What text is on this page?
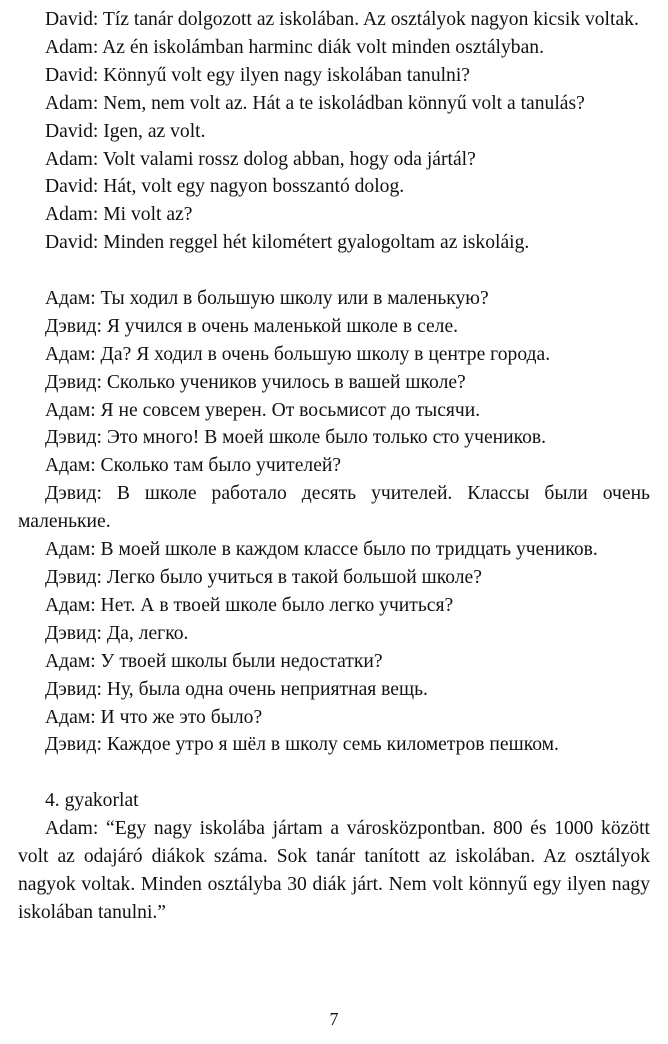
David: Tíz tanár dolgozott az iskolában. Az osztályok nagyon kicsik voltak.

Adam: Az én iskolámban harminc diák volt minden osztályban.

David: Könnyű volt egy ilyen nagy iskolában tanulni?

Adam: Nem, nem volt az. Hát a te iskoládban könnyű volt a tanulás?

David: Igen, az volt.

Adam: Volt valami rossz dolog abban, hogy oda jártál?

David: Hát, volt egy nagyon bosszantó dolog.

Adam: Mi volt az?

David: Minden reggel hét kilométert gyalogoltam az iskoláig.

Адам: Ты ходил в большую школу или в маленькую?

Дэвид: Я учился в очень маленькой школе в селе.

Адам: Да? Я ходил в очень большую школу в центре города.

Дэвид: Сколько учеников училось в вашей школе?

Адам: Я не совсем уверен. От восьмисот до тысячи.

Дэвид: Это много! В моей школе было только сто учеников.

Адам: Сколько там было учителей?

Дэвид: В школе работало десять учителей. Классы были очень маленькие.

Адам: В моей школе в каждом классе было по тридцать учеников.

Дэвид: Легко было учиться в такой большой школе?

Адам: Нет. А в твоей школе было легко учиться?

Дэвид: Да, легко.

Адам: У твоей школы были недостатки?

Дэвид: Ну, была одна очень неприятная вещь.

Адам: И что же это было?

Дэвид: Каждое утро я шёл в школу семь километров пешком.

4. gyakorlat

Adam: “Egy nagy iskolába jártam a városközpontban. 800 és 1000 között volt az odajáró diákok száma. Sok tanár tanított az iskolában. Az osztályok nagyok voltak. Minden osztályba 30 diák járt. Nem volt könnyű egy ilyen nagy iskolában tanulni.”

7
